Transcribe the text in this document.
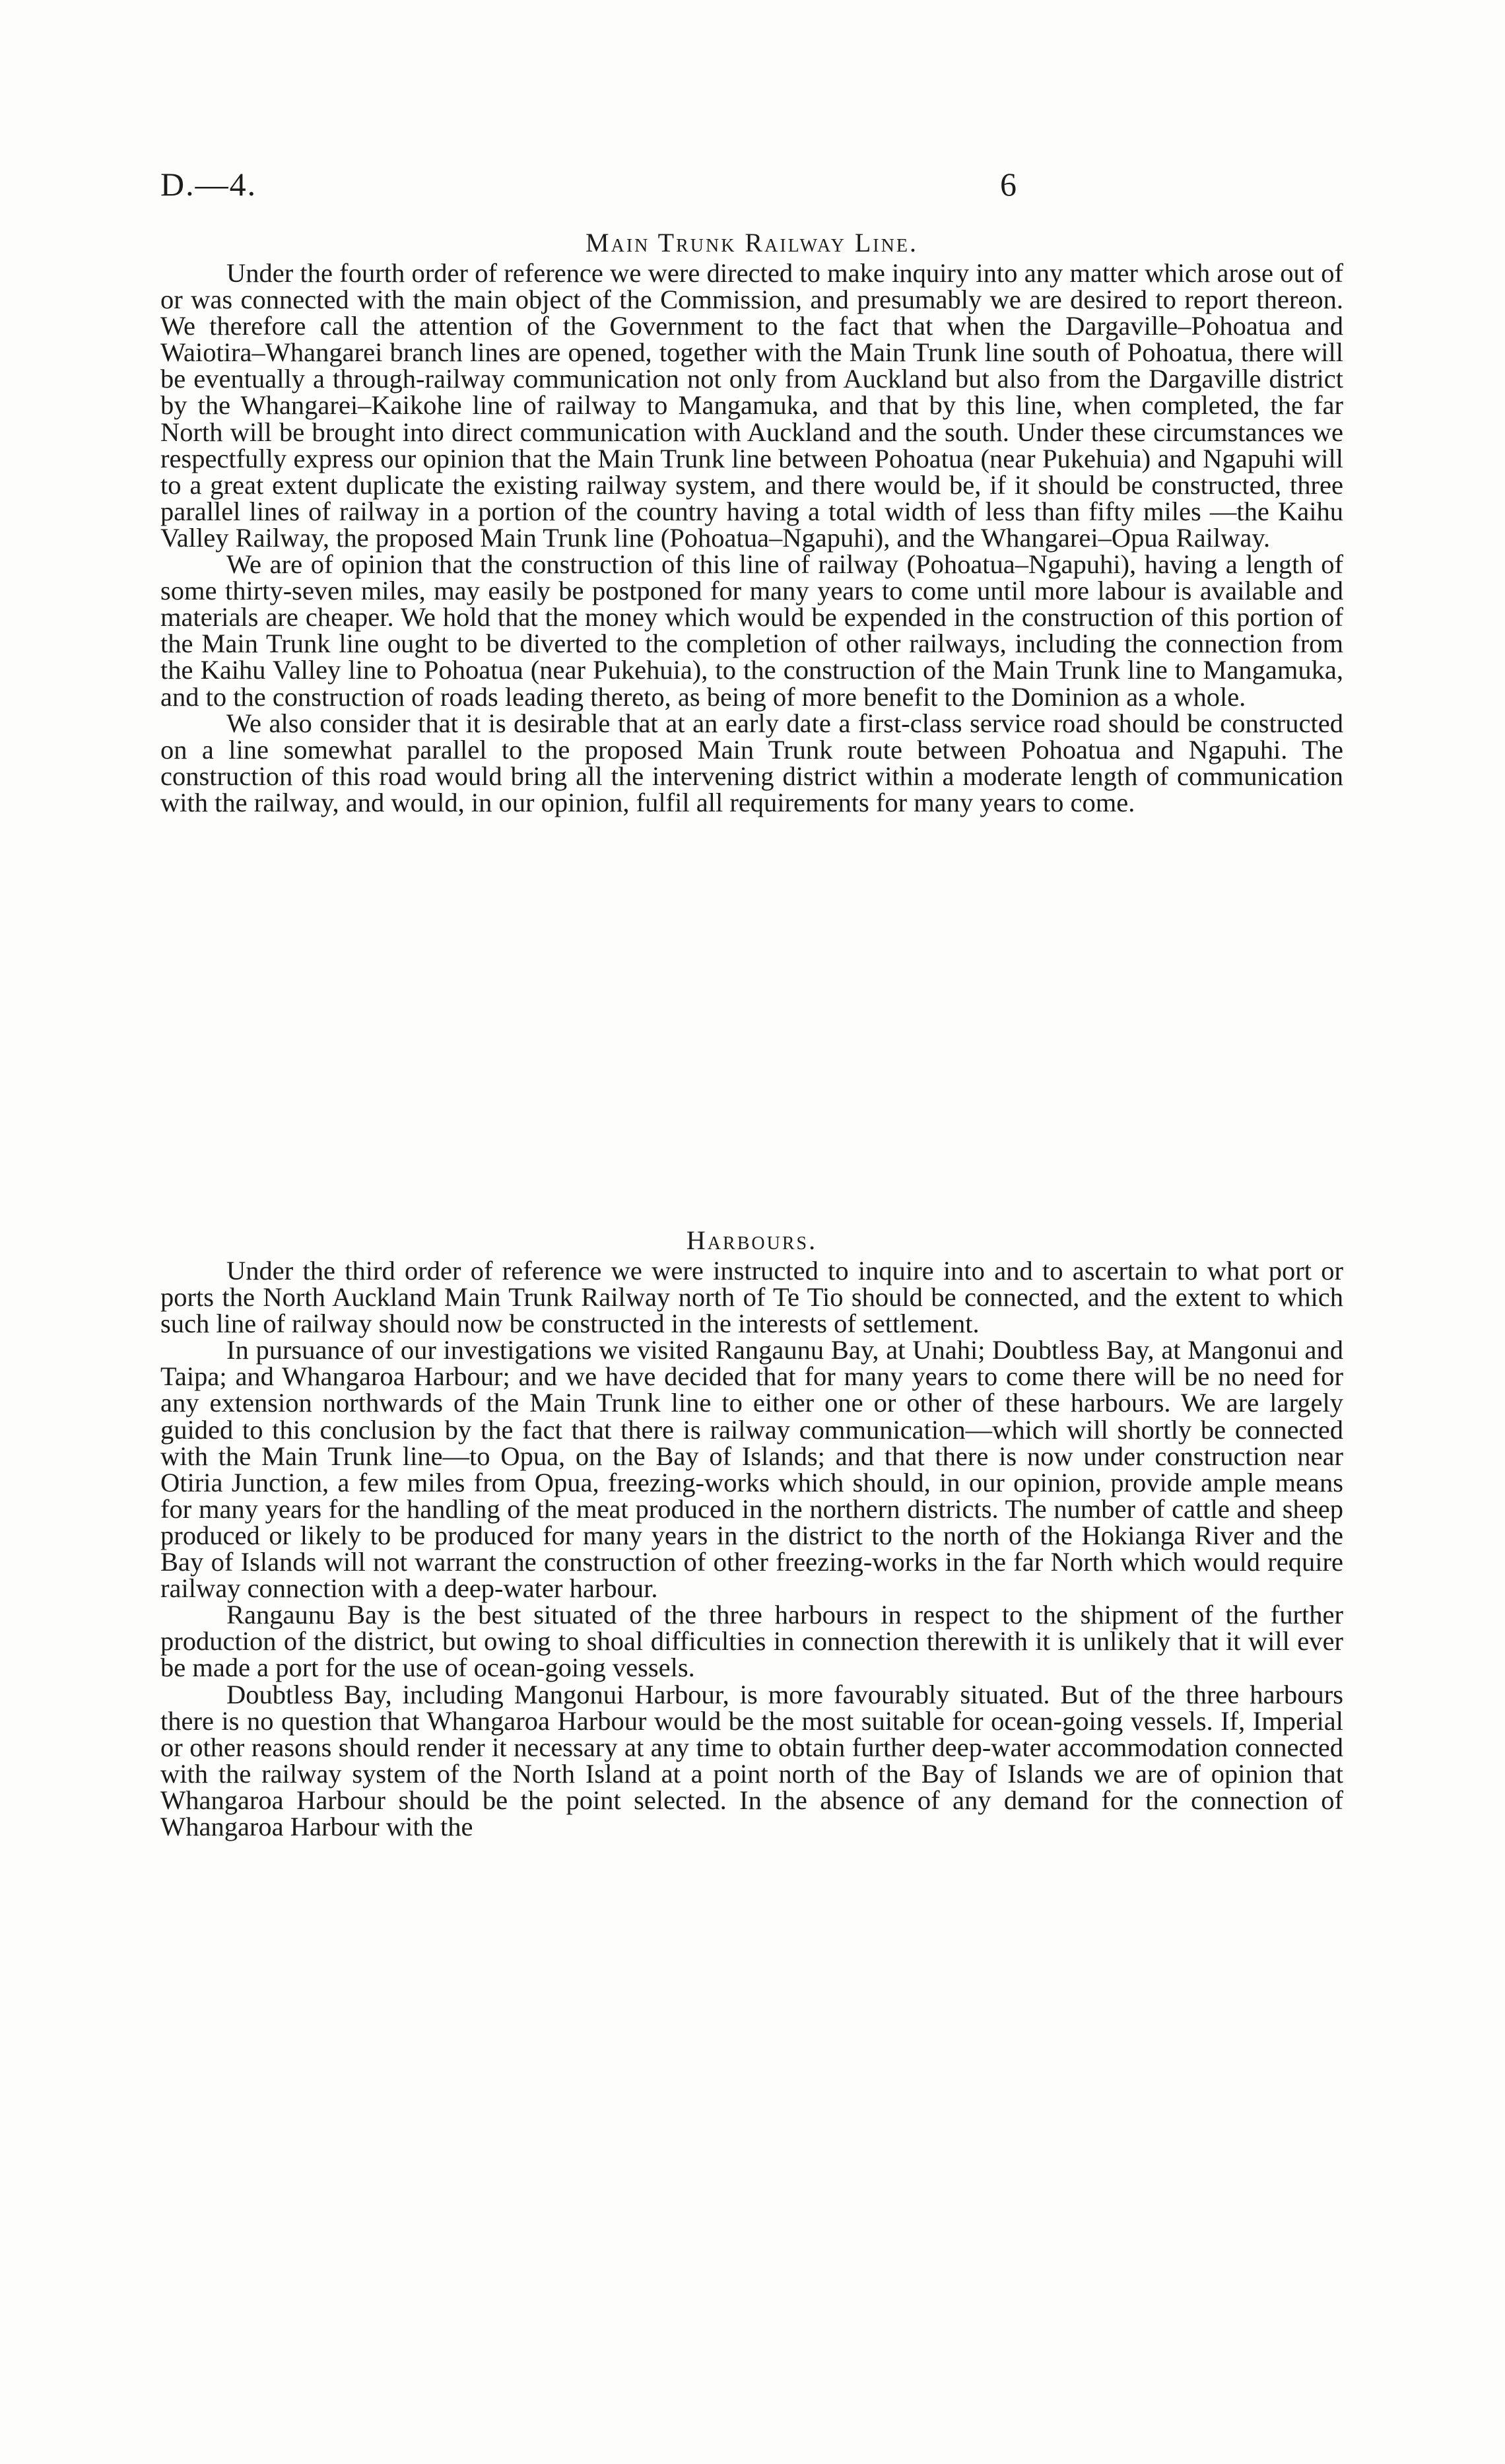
D.—4.	6
Main Trunk Railway Line.

Under the fourth order of reference we were directed to make inquiry into any matter which arose out of or was connected with the main object of the Commission, and presumably we are desired to report thereon. We therefore call the attention of the Government to the fact that when the Dargaville–Pohoatua and Waiotira–Whangarei branch lines are opened, together with the Main Trunk line south of Pohoatua, there will be eventually a through-railway communication not only from Auckland but also from the Dargaville district by the Whangarei–Kaikohe line of railway to Mangamuka, and that by this line, when completed, the far North will be brought into direct communication with Auckland and the south. Under these circumstances we respectfully express our opinion that the Main Trunk line between Pohoatua (near Pukehuia) and Ngapuhi will to a great extent duplicate the existing railway system, and there would be, if it should be constructed, three parallel lines of railway in a portion of the country having a total width of less than fifty miles —the Kaihu Valley Railway, the proposed Main Trunk line (Pohoatua–Ngapuhi), and the Whangarei–Opua Railway.

We are of opinion that the construction of this line of railway (Pohoatua–Ngapuhi), having a length of some thirty-seven miles, may easily be postponed for many years to come until more labour is available and materials are cheaper. We hold that the money which would be expended in the construction of this portion of the Main Trunk line ought to be diverted to the completion of other railways, including the connection from the Kaihu Valley line to Pohoatua (near Pukehuia), to the construction of the Main Trunk line to Mangamuka, and to the construction of roads leading thereto, as being of more benefit to the Dominion as a whole.

We also consider that it is desirable that at an early date a first-class service road should be constructed on a line somewhat parallel to the proposed Main Trunk route between Pohoatua and Ngapuhi. The construction of this road would bring all the intervening district within a moderate length of communication with the railway, and would, in our opinion, fulfil all requirements for many years to come.

Harbours.

Under the third order of reference we were instructed to inquire into and to ascertain to what port or ports the North Auckland Main Trunk Railway north of Te Tio should be connected, and the extent to which such line of railway should now be constructed in the interests of settlement.

In pursuance of our investigations we visited Rangaunu Bay, at Unahi; Doubtless Bay, at Mangonui and Taipa; and Whangaroa Harbour; and we have decided that for many years to come there will be no need for any extension northwards of the Main Trunk line to either one or other of these harbours. We are largely guided to this conclusion by the fact that there is railway communication—which will shortly be connected with the Main Trunk line—to Opua, on the Bay of Islands; and that there is now under construction near Otiria Junction, a few miles from Opua, freezing-works which should, in our opinion, provide ample means for many years for the handling of the meat produced in the northern districts. The number of cattle and sheep produced or likely to be produced for many years in the district to the north of the Hokianga River and the Bay of Islands will not warrant the construction of other freezing-works in the far North which would require railway connection with a deep-water harbour.

Rangaunu Bay is the best situated of the three harbours in respect to the shipment of the further production of the district, but owing to shoal difficulties in connection therewith it is unlikely that it will ever be made a port for the use of ocean-going vessels.

Doubtless Bay, including Mangonui Harbour, is more favourably situated. But of the three harbours there is no question that Whangaroa Harbour would be the most suitable for ocean-going vessels. If, Imperial or other reasons should render it necessary at any time to obtain further deep-water accommodation connected with the railway system of the North Island at a point north of the Bay of Islands we are of opinion that Whangaroa Harbour should be the point selected. In the absence of any demand for the connection of Whangaroa Harbour with the
